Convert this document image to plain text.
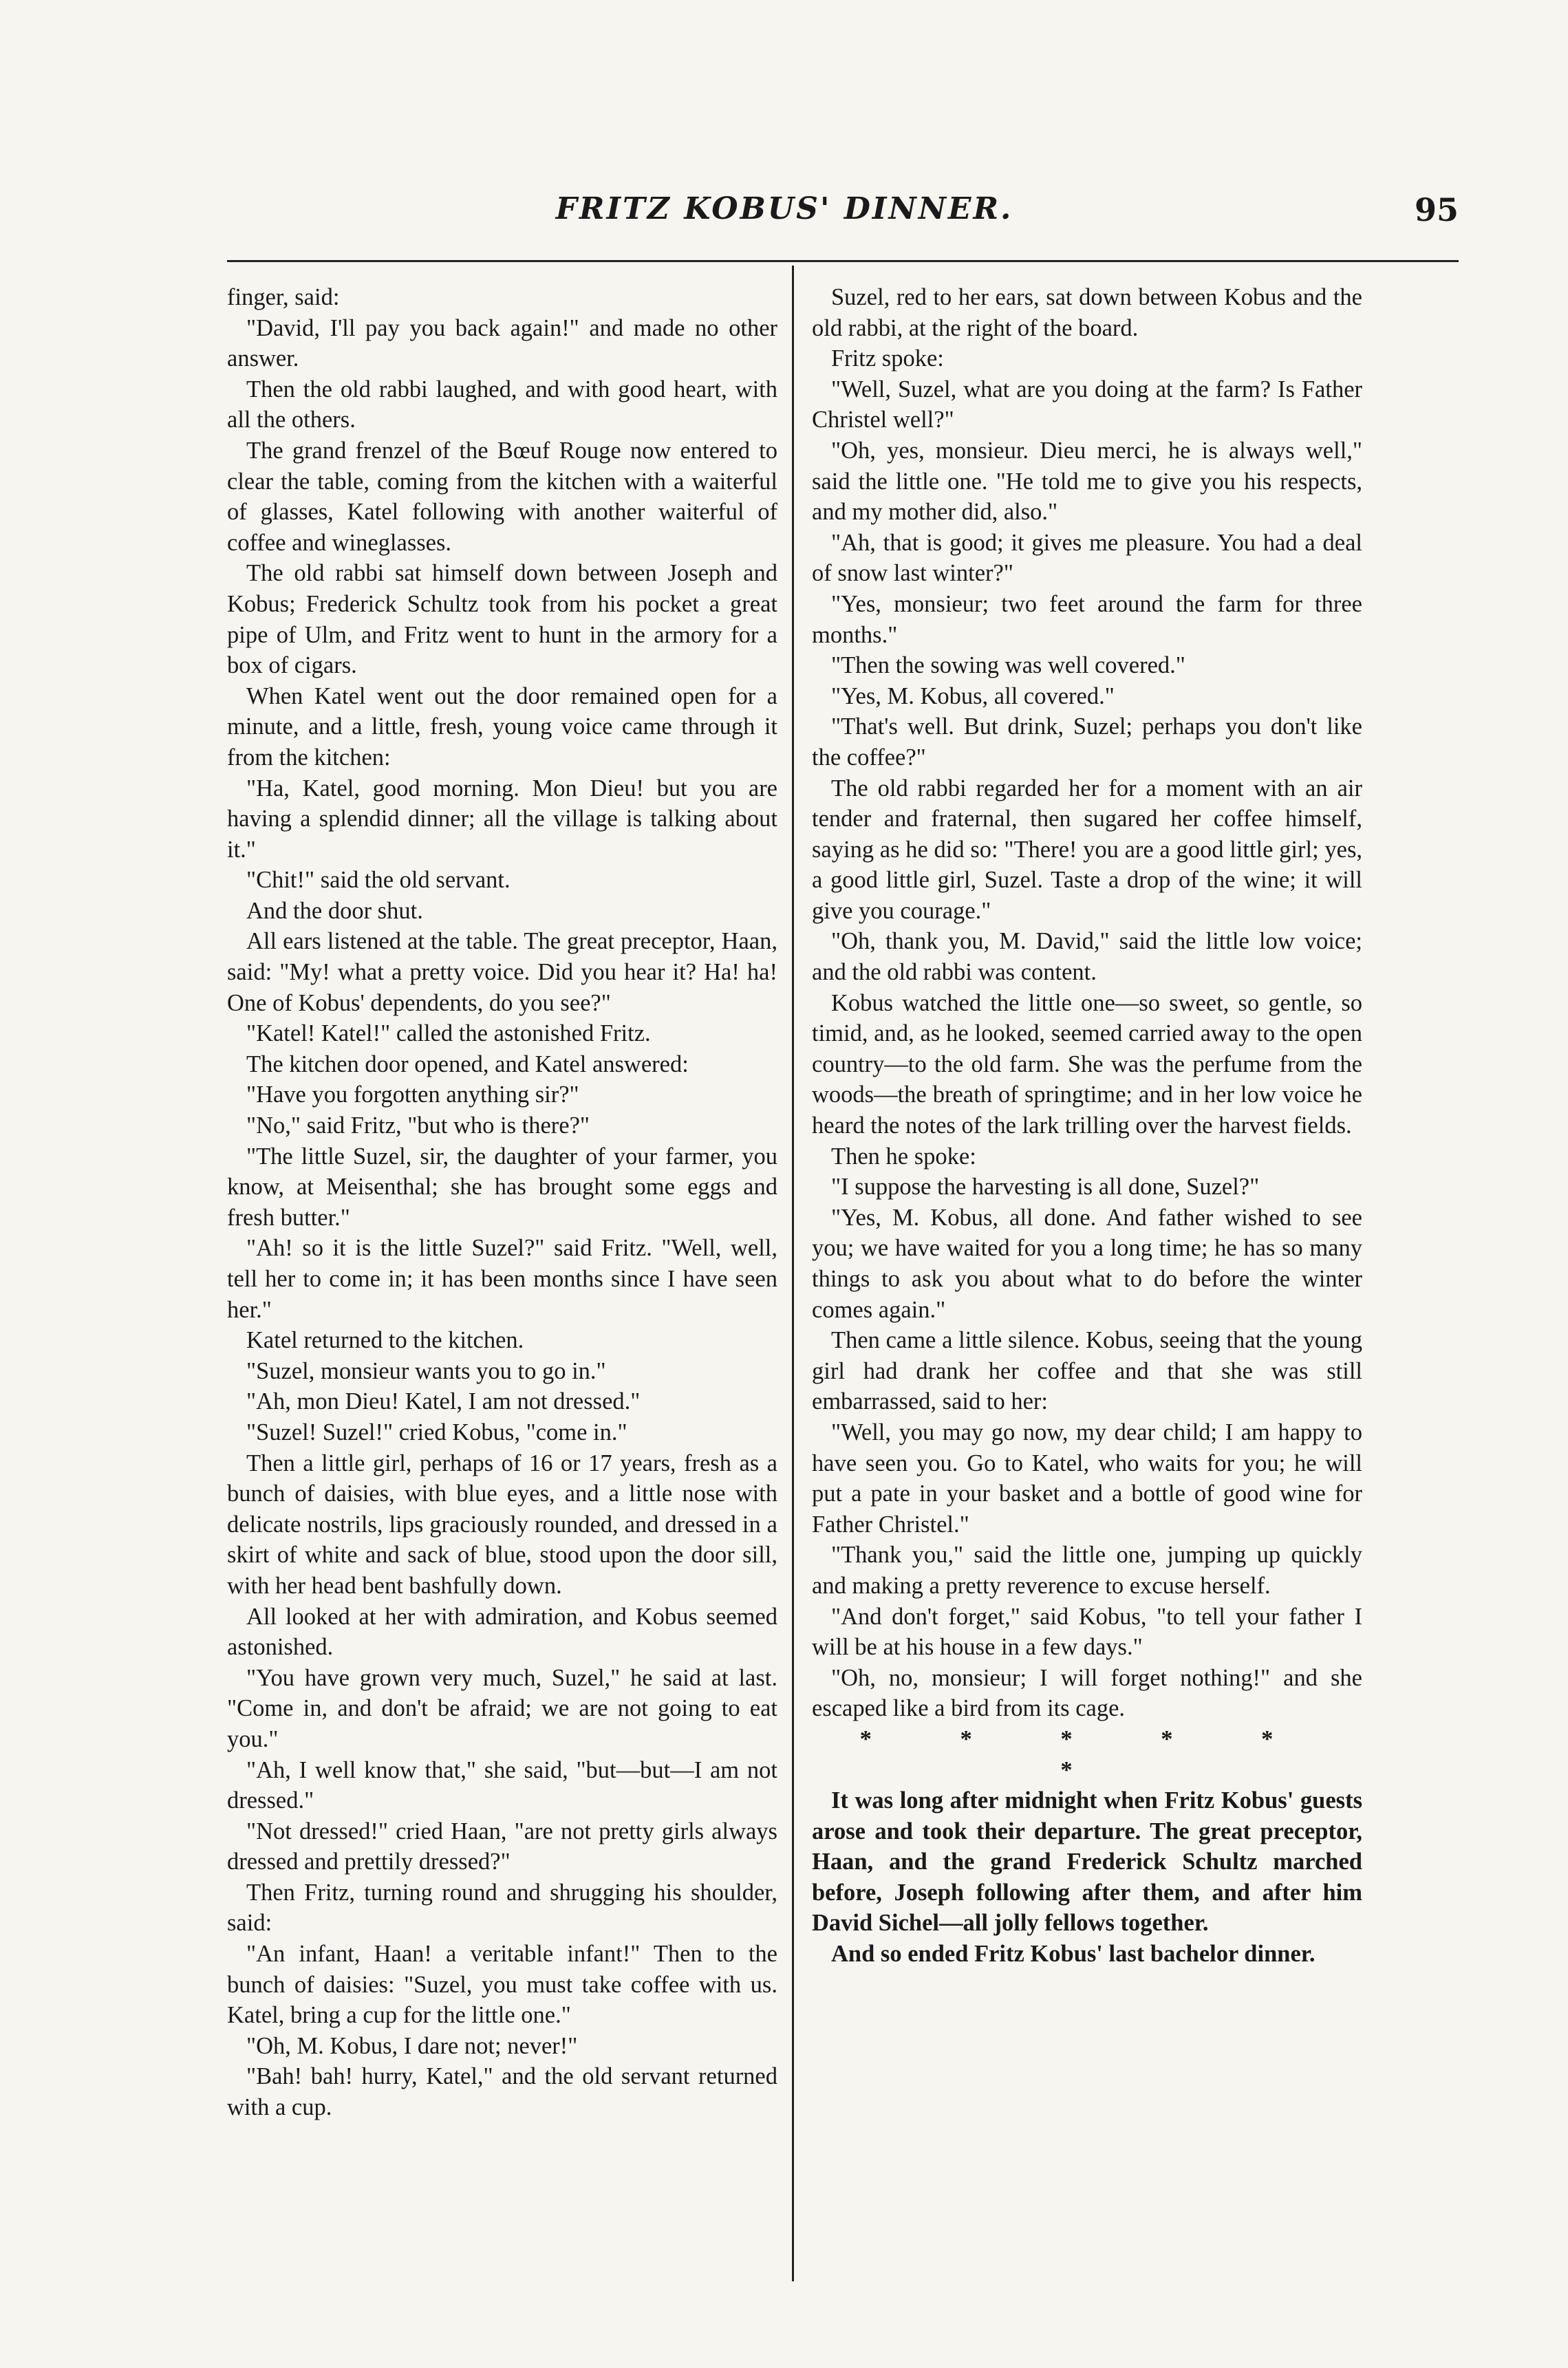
FRITZ KOBUS' DINNER.	95

finger, said:

"David, I'll pay you back again!" and made no other answer.

Then the old rabbi laughed, and with good heart, with all the others.

The grand frenzel of the Bœuf Rouge now entered to clear the table, coming from the kitchen with a waiterful of glasses, Katel following with another waiterful of coffee and wineglasses.

The old rabbi sat himself down between Joseph and Kobus; Frederick Schultz took from his pocket a great pipe of Ulm, and Fritz went to hunt in the armory for a box of cigars.

When Katel went out the door remained open for a minute, and a little, fresh, young voice came through it from the kitchen:

"Ha, Katel, good morning. Mon Dieu! but you are having a splendid dinner; all the village is talking about it."

"Chit!" said the old servant.

And the door shut.

All ears listened at the table. The great preceptor, Haan, said: "My! what a pretty voice. Did you hear it? Ha! ha! One of Kobus' dependents, do you see?"

"Katel! Katel!" called the astonished Fritz.

The kitchen door opened, and Katel answered:

"Have you forgotten anything sir?"

"No," said Fritz, "but who is there?"

"The little Suzel, sir, the daughter of your farmer, you know, at Meisenthal; she has brought some eggs and fresh butter."

"Ah! so it is the little Suzel?" said Fritz. "Well, well, tell her to come in; it has been months since I have seen her."

Katel returned to the kitchen.

"Suzel, monsieur wants you to go in."

"Ah, mon Dieu! Katel, I am not dressed."

"Suzel! Suzel!" cried Kobus, "come in."

Then a little girl, perhaps of 16 or 17 years, fresh as a bunch of daisies, with blue eyes, and a little nose with delicate nostrils, lips graciously rounded, and dressed in a skirt of white and sack of blue, stood upon the door sill, with her head bent bashfully down.

All looked at her with admiration, and Kobus seemed astonished.

"You have grown very much, Suzel," he said at last. "Come in, and don't be afraid; we are not going to eat you."

"Ah, I well know that," she said, "but—but—I am not dressed."

"Not dressed!" cried Haan, "are not pretty girls always dressed and prettily dressed?"

Then Fritz, turning round and shrugging his shoulder, said:

"An infant, Haan! a veritable infant!" Then to the bunch of daisies: "Suzel, you must take coffee with us. Katel, bring a cup for the little one."

"Oh, M. Kobus, I dare not; never!"

"Bah! bah! hurry, Katel," and the old servant returned with a cup.

Suzel, red to her ears, sat down between Kobus and the old rabbi, at the right of the board.

Fritz spoke:

"Well, Suzel, what are you doing at the farm? Is Father Christel well?"

"Oh, yes, monsieur. Dieu merci, he is always well," said the little one. "He told me to give you his respects, and my mother did, also."

"Ah, that is good; it gives me pleasure. You had a deal of snow last winter?"

"Yes, monsieur; two feet around the farm for three months."

"Then the sowing was well covered."

"Yes, M. Kobus, all covered."

"That's well. But drink, Suzel; perhaps you don't like the coffee?"

The old rabbi regarded her for a moment with an air tender and fraternal, then sugared her coffee himself, saying as he did so: "There! you are a good little girl; yes, a good little girl, Suzel. Taste a drop of the wine; it will give you courage."

"Oh, thank you, M. David," said the little low voice; and the old rabbi was content.

Kobus watched the little one—so sweet, so gentle, so timid, and, as he looked, seemed carried away to the open country—to the old farm. She was the perfume from the woods—the breath of springtime; and in her low voice he heard the notes of the lark trilling over the harvest fields.

Then he spoke:

"I suppose the harvesting is all done, Suzel?"

"Yes, M. Kobus, all done. And father wished to see you; we have waited for you a long time; he has so many things to ask you about what to do before the winter comes again."

Then came a little silence. Kobus, seeing that the young girl had drank her coffee and that she was still embarrassed, said to her:

"Well, you may go now, my dear child; I am happy to have seen you. Go to Katel, who waits for you; he will put a pate in your basket and a bottle of good wine for Father Christel."

"Thank you," said the little one, jumping up quickly and making a pretty reverence to excuse herself.

"And don't forget," said Kobus, "to tell your father I will be at his house in a few days."

"Oh, no, monsieur; I will forget nothing!" and she escaped like a bird from its cage.

* * * * * *

It was long after midnight when Fritz Kobus' guests arose and took their departure. The great preceptor, Haan, and the grand Frederick Schultz marched before, Joseph following after them, and after him David Sichel—all jolly fellows together.

And so ended Fritz Kobus' last bachelor dinner.
